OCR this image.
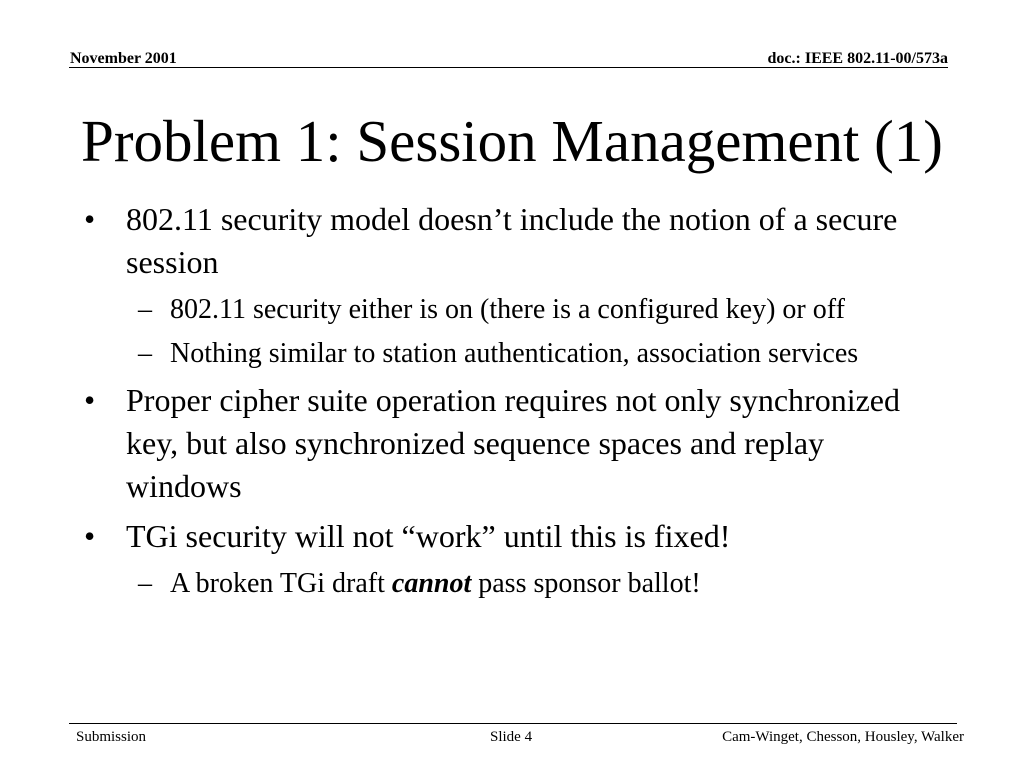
November 2001	doc.: IEEE 802.11-00/573a
Problem 1: Session Management (1)
• 802.11 security model doesn’t include the notion of a secure session
– 802.11 security either is on (there is a configured key) or off
– Nothing similar to station authentication, association services
• Proper cipher suite operation requires not only synchronized key, but also synchronized sequence spaces and replay windows
• TGi security will not “work” until this is fixed!
– A broken TGi draft cannot pass sponsor ballot!
Submission	Slide 4	Cam-Winget, Chesson, Housley, Walker
